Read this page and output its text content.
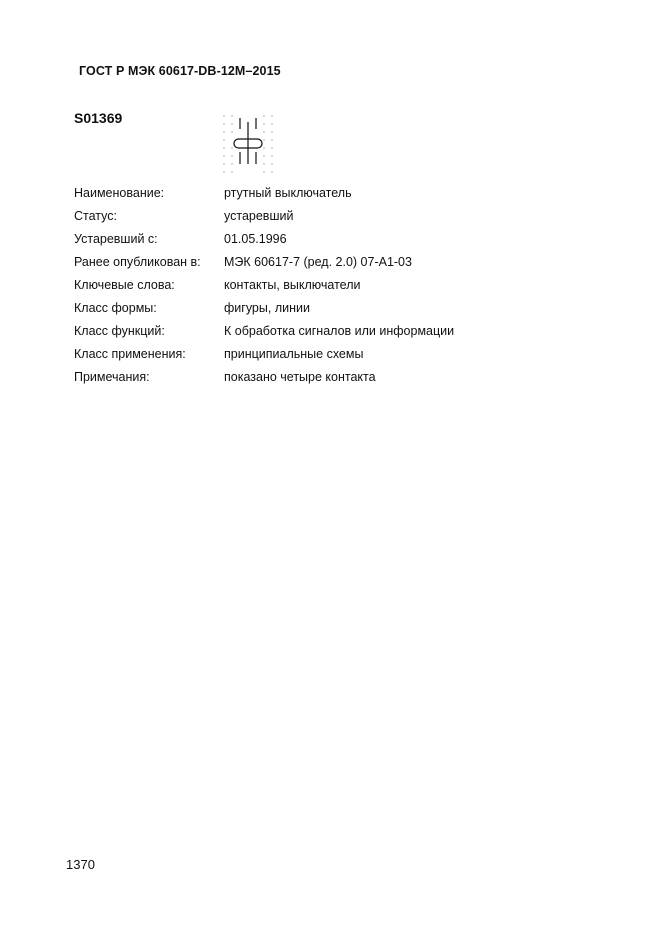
ГОСТ Р МЭК 60617-DB-12M–2015
S01369
Наименование:	ртутный выключатель
Статус:	устаревший
Устаревший с:	01.05.1996
Ранее опубликован в:	МЭК 60617-7 (ред. 2.0) 07-A1-03
Ключевые слова:	контакты, выключатели
Класс формы:	фигуры, линии
Класс функций:	К обработка сигналов или информации
Класс применения:	принципиальные схемы
Примечания:	показано четыре контакта
1370
